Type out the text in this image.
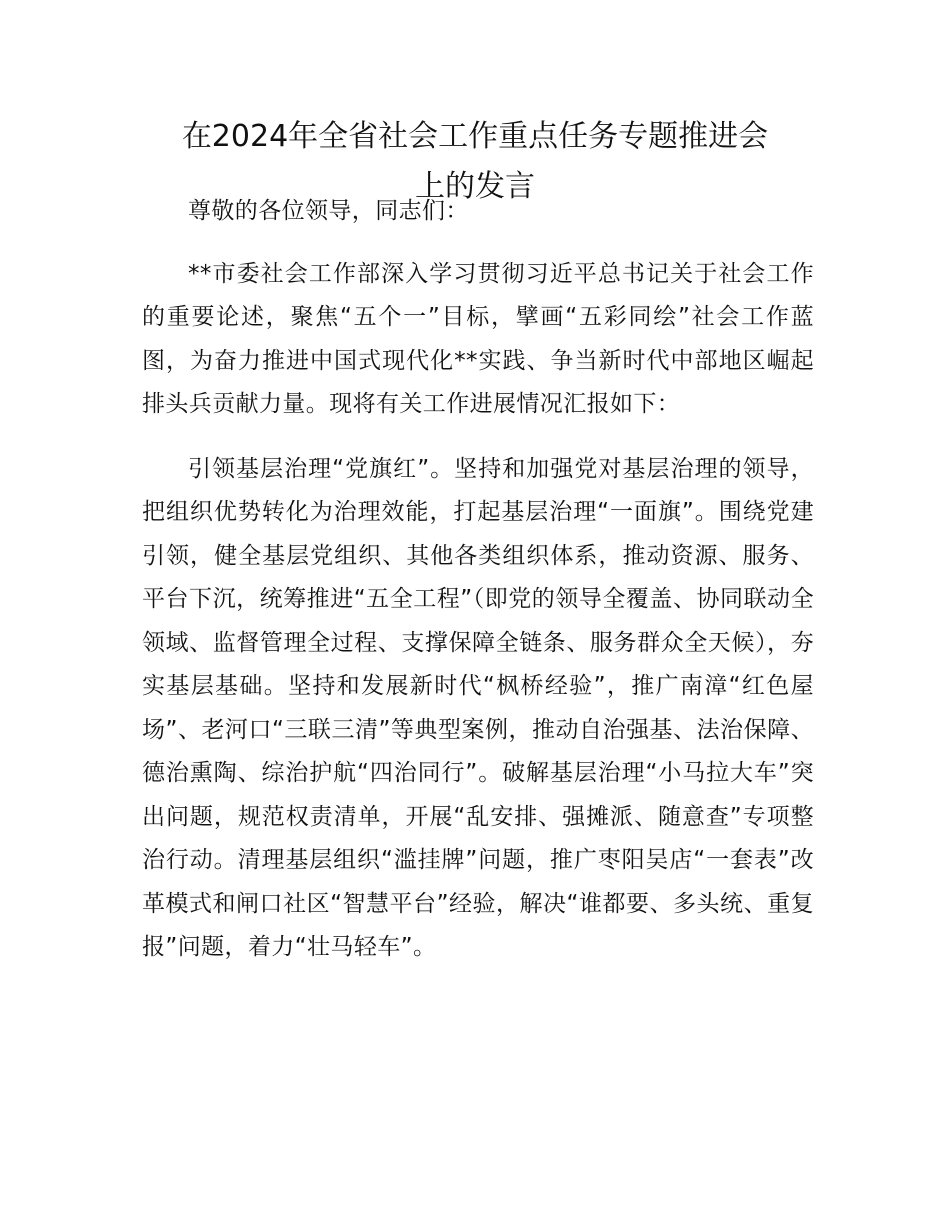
在2024年全省社会工作重点任务专题推进会
上的发言

尊敬的各位领导，同志们：

**市委社会工作部深入学习贯彻习近平总书记关于社会工作的重要论述，聚焦“五个一”目标，擘画“五彩同绘”社会工作蓝图，为奋力推进中国式现代化**实践、争当新时代中部地区崛起排头兵贡献力量。现将有关工作进展情况汇报如下：

引领基层治理“党旗红”。坚持和加强党对基层治理的领导，把组织优势转化为治理效能，打起基层治理“一面旗”。围绕党建引领，健全基层党组织、其他各类组织体系，推动资源、服务、平台下沉，统筹推进“五全工程”（即党的领导全覆盖、协同联动全领域、监督管理全过程、支撑保障全链条、服务群众全天候），夯实基层基础。坚持和发展新时代“枫桥经验”，推广南漳“红色屋场”、老河口“三联三清”等典型案例，推动自治强基、法治保障、德治熏陶、综治护航“四治同行”。破解基层治理“小马拉大车”突出问题，规范权责清单，开展“乱安排、强摊派、随意查”专项整治行动。清理基层组织“滥挂牌”问题，推广枣阳吴店“一套表”改革模式和闸口社区“智慧平台”经验，解决“谁都要、多头统、重复报”问题，着力“壮马轻车”。
